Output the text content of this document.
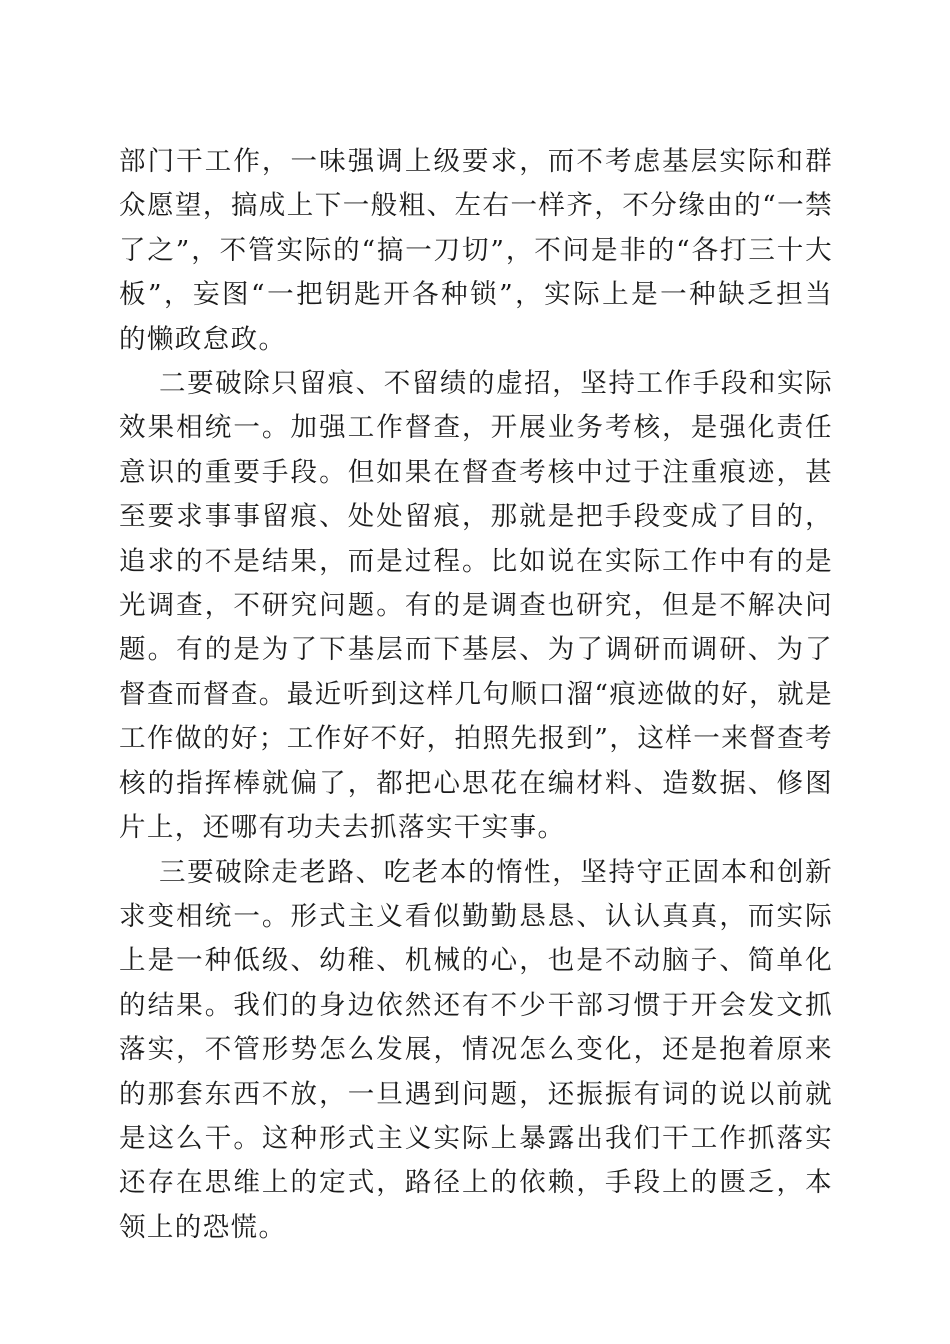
部门干工作，一味强调上级要求，而不考虑基层实际和群众愿望，搞成上下一般粗、左右一样齐，不分缘由的“一禁了之”，不管实际的“搞一刀切”，不问是非的“各打三十大板”，妄图“一把钥匙开各种锁”，实际上是一种缺乏担当的懒政怠政。

二要破除只留痕、不留绩的虚招，坚持工作手段和实际效果相统一。加强工作督查，开展业务考核，是强化责任意识的重要手段。但如果在督查考核中过于注重痕迹，甚至要求事事留痕、处处留痕，那就是把手段变成了目的，追求的不是结果，而是过程。比如说在实际工作中有的是光调查，不研究问题。有的是调查也研究，但是不解决问题。有的是为了下基层而下基层、为了调研而调研、为了督查而督查。最近听到这样几句顺口溜“痕迹做的好，就是工作做的好；工作好不好，拍照先报到”，这样一来督查考核的指挥棒就偏了，都把心思花在编材料、造数据、修图片上，还哪有功夫去抓落实干实事。

三要破除走老路、吃老本的惰性，坚持守正固本和创新求变相统一。形式主义看似勤勤恳恳、认认真真，而实际上是一种低级、幼稚、机械的心，也是不动脑子、简单化的结果。我们的身边依然还有不少干部习惯于开会发文抓落实，不管形势怎么发展，情况怎么变化，还是抱着原来的那套东西不放，一旦遇到问题，还振振有词的说以前就是这么干。这种形式主义实际上暴露出我们干工作抓落实还存在思维上的定式，路径上的依赖，手段上的匮乏，本领上的恐慌。
